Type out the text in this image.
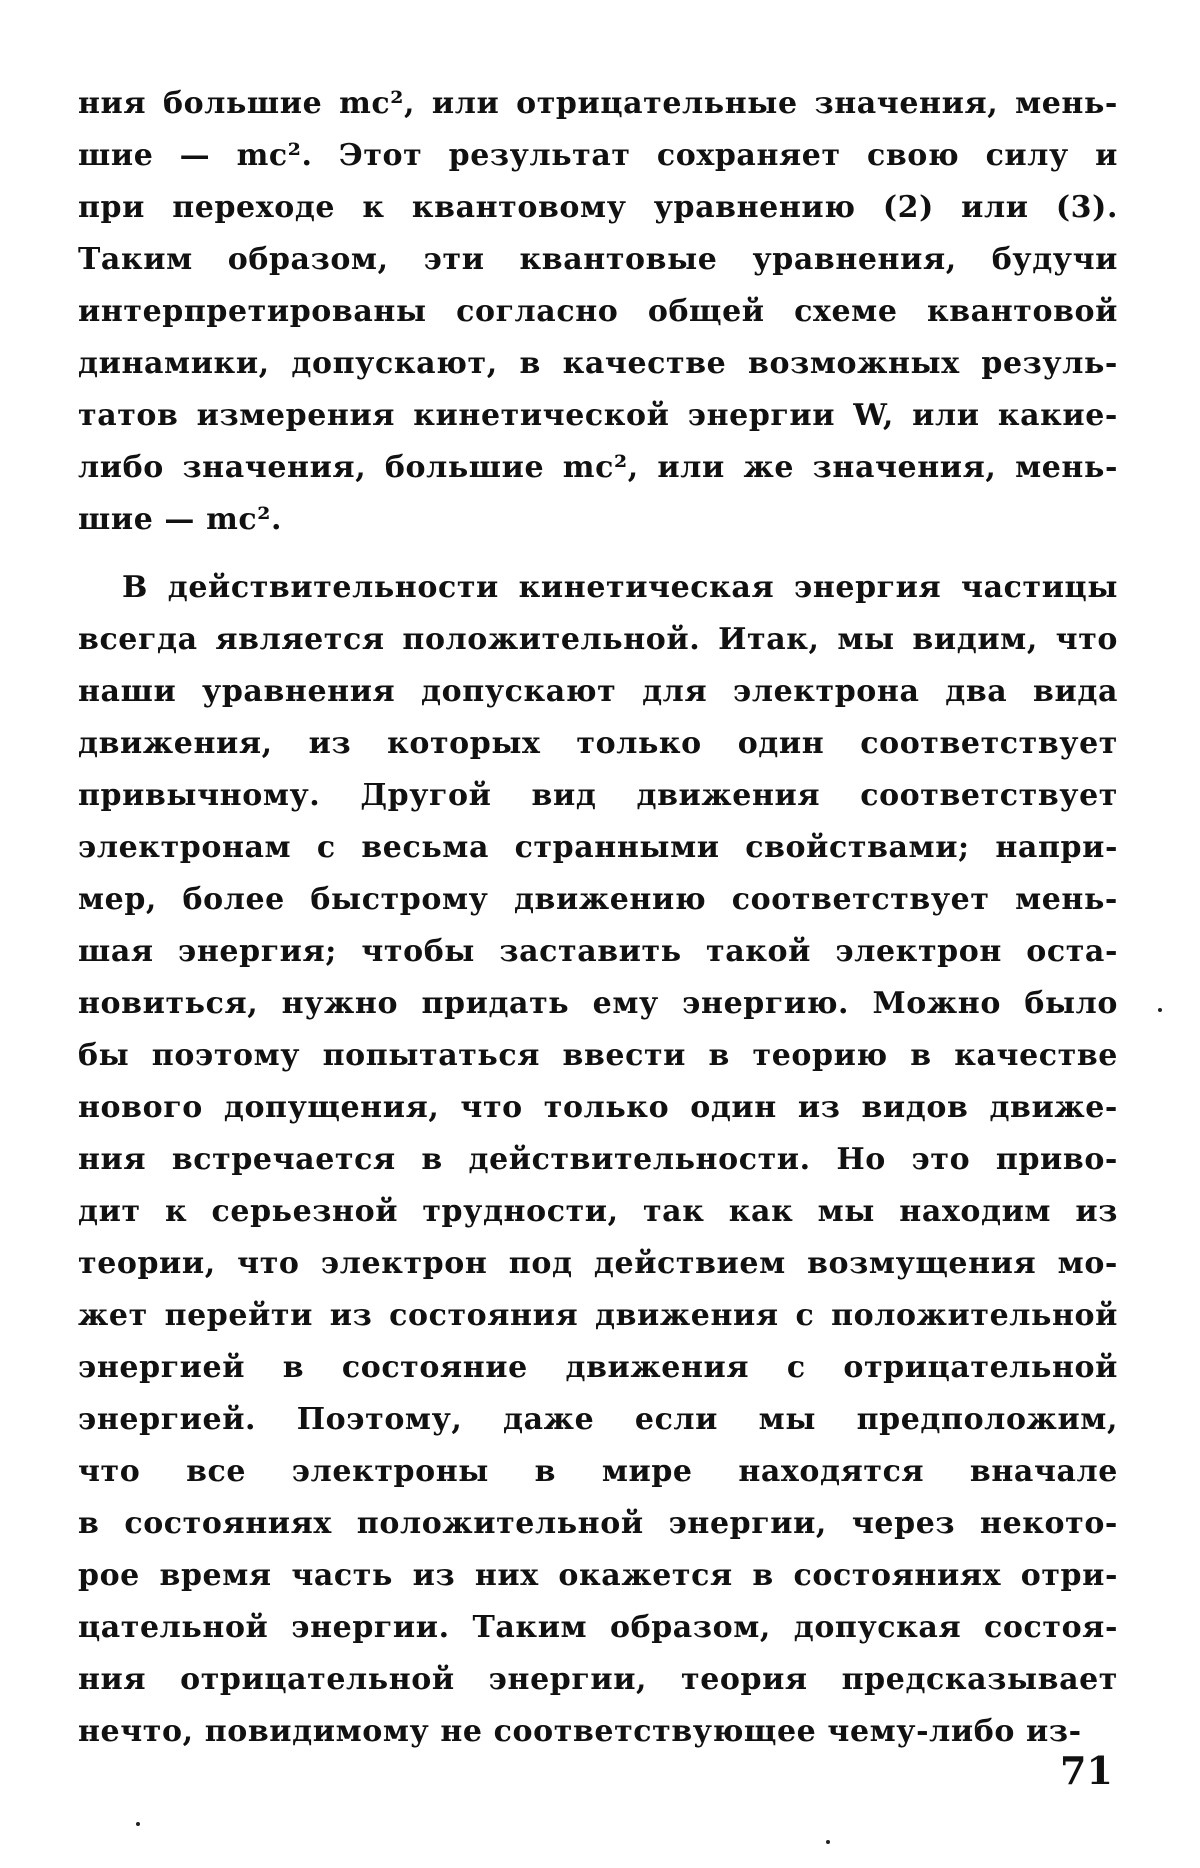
ния большие mc², или отрицательные значения, мень-
шие — mc². Этот результат сохраняет свою силу и
при переходе к квантовому уравнению (2) или (3).
Таким образом, эти квантовые уравнения, будучи
интерпретированы согласно общей схеме квантовой
динамики, допускают, в качестве возможных резуль-
татов измерения кинетической энергии W, или какие-
либо значения, большие mc², или же значения, мень-
шие — mc².
В действительности кинетическая энергия частицы
всегда является положительной. Итак, мы видим, что
наши уравнения допускают для электрона два вида
движения, из которых только один соответствует
привычному. Другой вид движения соответствует
электронам с весьма странными свойствами; напри-
мер, более быстрому движению соответствует мень-
шая энергия; чтобы заставить такой электрон оста-
новиться, нужно придать ему энергию. Можно было
бы поэтому попытаться ввести в теорию в качестве
нового допущения, что только один из видов движе-
ния встречается в действительности. Но это приво-
дит к серьезной трудности, так как мы находим из
теории, что электрон под действием возмущения мо-
жет перейти из состояния движения с положительной
энергией в состояние движения с отрицательной
энергией. Поэтому, даже если мы предположим,
что все электроны в мире находятся вначале
в состояниях положительной энергии, через некото-
рое время часть из них окажется в состояниях отри-
цательной энергии. Таким образом, допуская состоя-
ния отрицательной энергии, теория предсказывает
нечто, повидимому не соответствующее чему-либо из-
71
